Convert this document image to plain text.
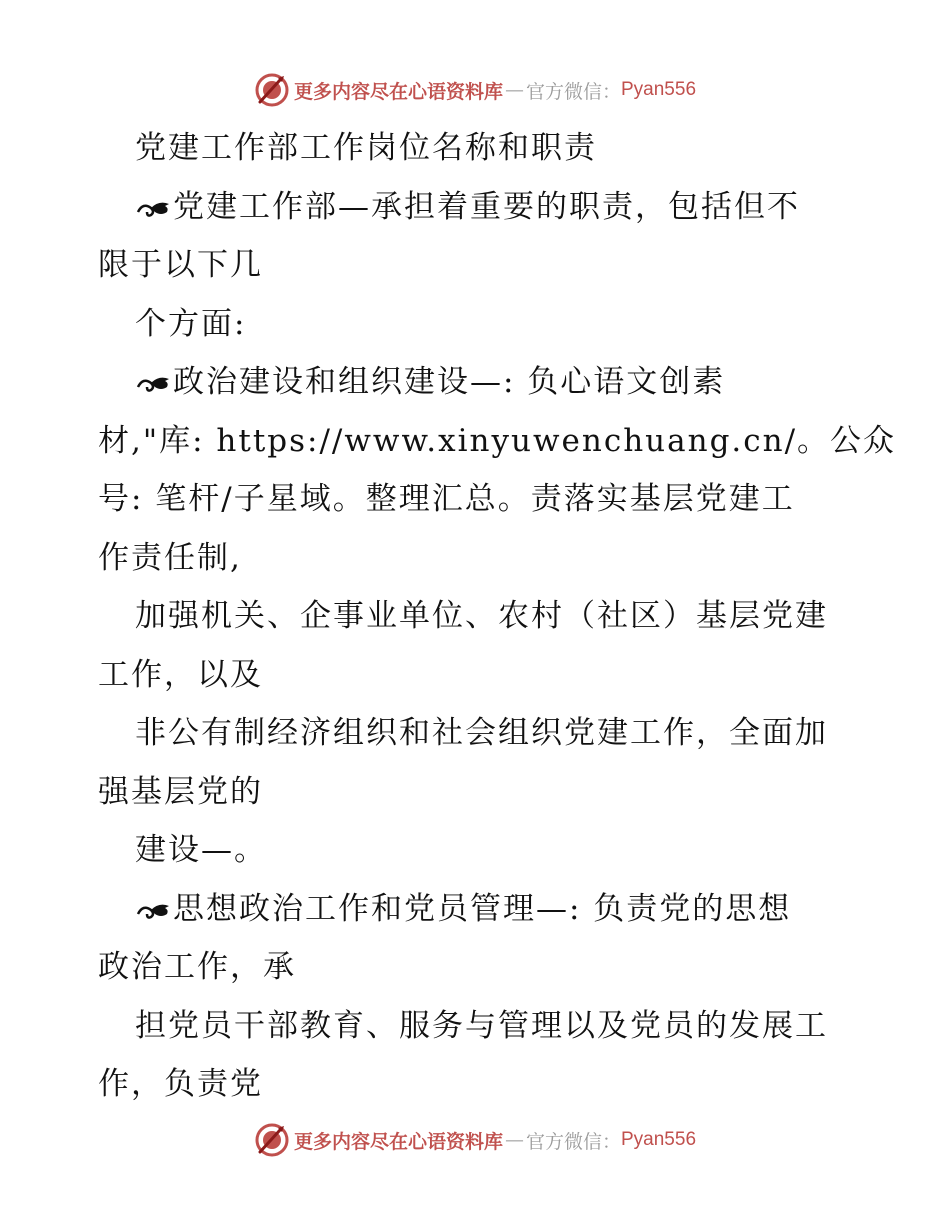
更多内容尽在心语资料库 — 官方微信： Pyan556
党建工作部工作岗位名称和职责
党建工作部—承担着重要的职责，包括但不
限于以下几
个方面:
政治建设和组织建设—: 负心语文创素
材,"库: https://www.xinyuwenchuang.cn/。公众
号: 笔杆/子星域。整理汇总。责落实基层党建工
作责任制,
加强机关、企事业单位、农村（社区）基层党建
工作，以及
非公有制经济组织和社会组织党建工作，全面加
强基层党的
建设—。
思想政治工作和党员管理—: 负责党的思想
政治工作，承
担党员干部教育、服务与管理以及党员的发展工
作，负责党
更多内容尽在心语资料库 — 官方微信： Pyan556
